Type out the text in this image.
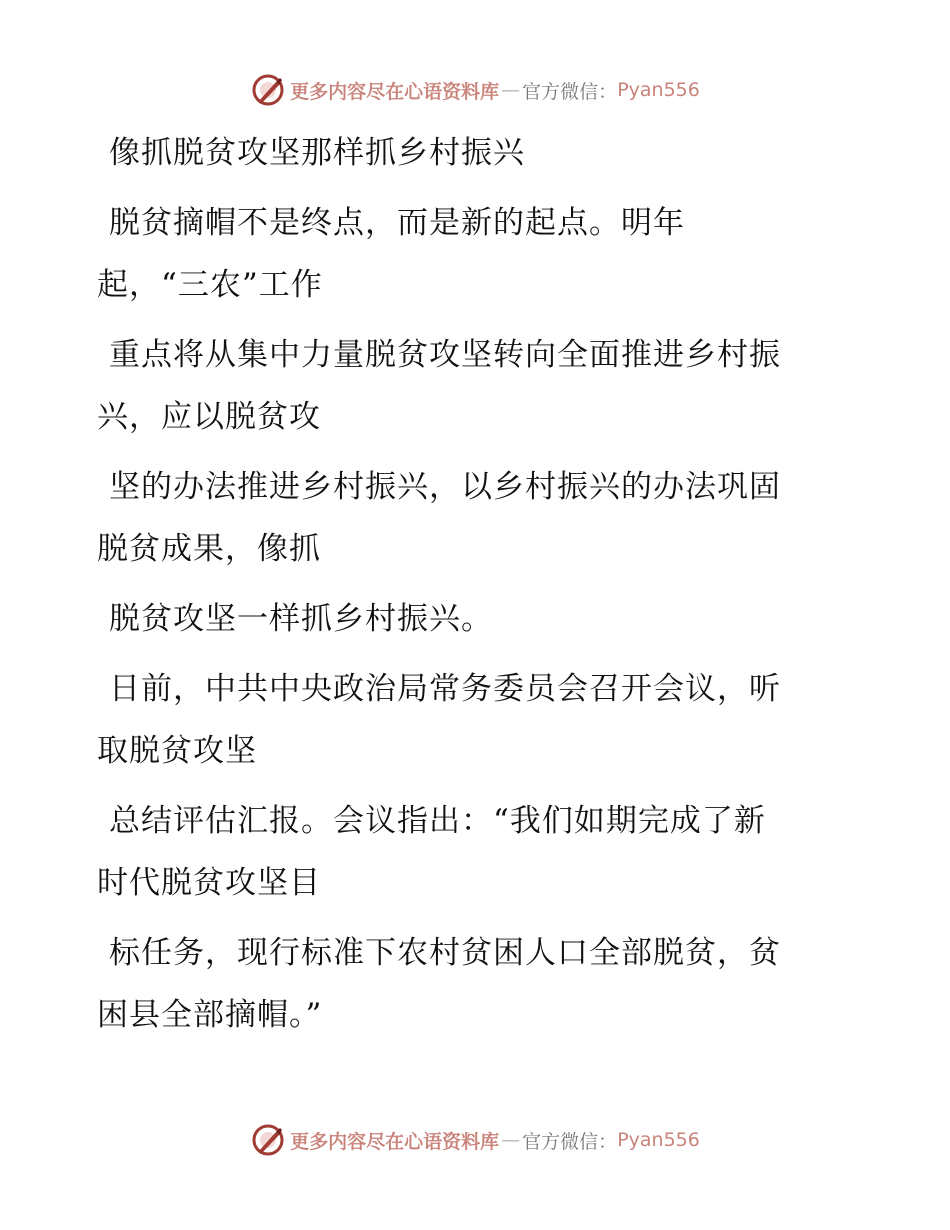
更多内容尽在心语资料库 — 官方微信： Pyan556
像抓脱贫攻坚那样抓乡村振兴
脱贫摘帽不是终点，而是新的起点。明年
起，“三农”工作
重点将从集中力量脱贫攻坚转向全面推进乡村振
兴，应以脱贫攻
坚的办法推进乡村振兴，以乡村振兴的办法巩固
脱贫成果，像抓
脱贫攻坚一样抓乡村振兴。
日前，中共中央政治局常务委员会召开会议，听
取脱贫攻坚
总结评估汇报。会议指出：“我们如期完成了新
时代脱贫攻坚目
标任务，现行标准下农村贫困人口全部脱贫，贫
困县全部摘帽。”
更多内容尽在心语资料库 — 官方微信： Pyan556
